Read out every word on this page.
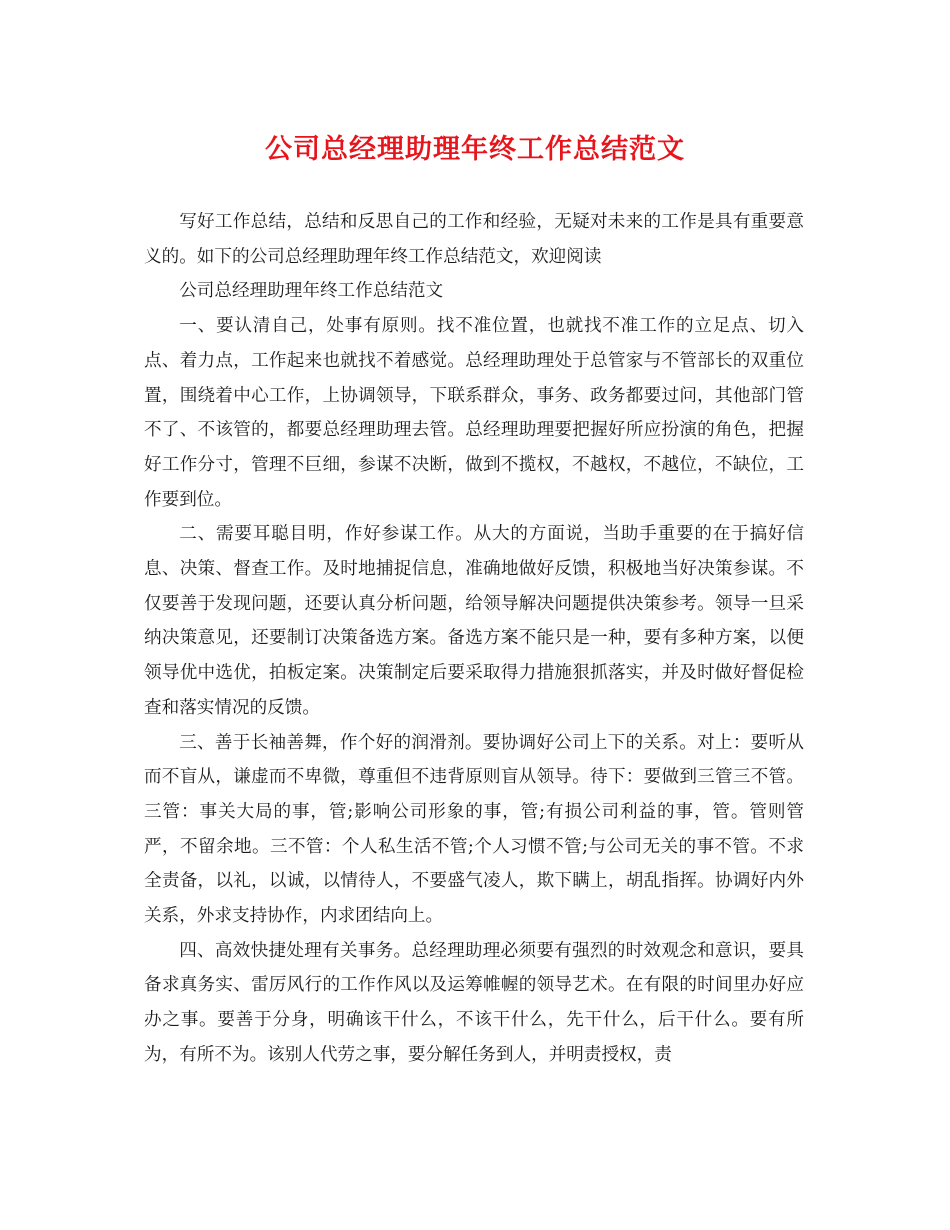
公司总经理助理年终工作总结范文

写好工作总结，总结和反思自己的工作和经验，无疑对未来的工作是具有重要意义的。如下的公司总经理助理年终工作总结范文，欢迎阅读

公司总经理助理年终工作总结范文

一、要认清自己，处事有原则。找不准位置，也就找不准工作的立足点、切入点、着力点，工作起来也就找不着感觉。总经理助理处于总管家与不管部长的双重位置，围绕着中心工作，上协调领导，下联系群众，事务、政务都要过问，其他部门管不了、不该管的，都要总经理助理去管。总经理助理要把握好所应扮演的角色，把握好工作分寸，管理不巨细，参谋不决断，做到不揽权，不越权，不越位，不缺位，工作要到位。

二、需要耳聪目明，作好参谋工作。从大的方面说，当助手重要的在于搞好信息、决策、督查工作。及时地捕捉信息，准确地做好反馈，积极地当好决策参谋。不仅要善于发现问题，还要认真分析问题，给领导解决问题提供决策参考。领导一旦采纳决策意见，还要制订决策备选方案。备选方案不能只是一种，要有多种方案，以便领导优中选优，拍板定案。决策制定后要采取得力措施狠抓落实，并及时做好督促检查和落实情况的反馈。

三、善于长袖善舞，作个好的润滑剂。要协调好公司上下的关系。对上：要听从而不盲从，谦虚而不卑微，尊重但不违背原则盲从领导。待下：要做到三管三不管。三管：事关大局的事，管;影响公司形象的事，管;有损公司利益的事，管。管则管严，不留余地。三不管：个人私生活不管;个人习惯不管;与公司无关的事不管。不求全责备，以礼，以诚，以情待人，不要盛气凌人，欺下瞒上，胡乱指挥。协调好内外关系，外求支持协作，内求团结向上。

四、高效快捷处理有关事务。总经理助理必须要有强烈的时效观念和意识，要具备求真务实、雷厉风行的工作作风以及运筹帷幄的领导艺术。在有限的时间里办好应办之事。要善于分身，明确该干什么，不该干什么，先干什么，后干什么。要有所为，有所不为。该别人代劳之事，要分解任务到人，并明责授权，责
